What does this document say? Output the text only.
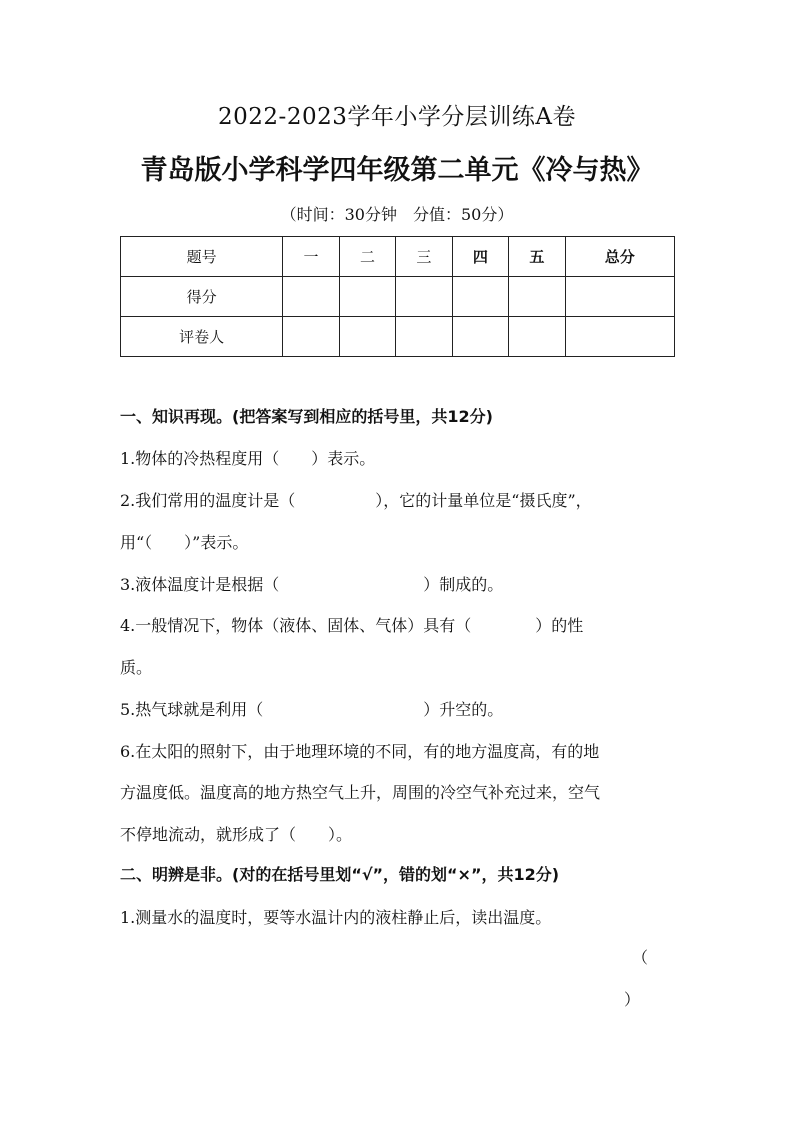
2022-2023学年小学分层训练A卷
青岛版小学科学四年级第二单元《冷与热》
（时间：30分钟　分值：50分）
题号	一	二	三	四	五	总分
得分						
评卷人						
一、知识再现。(把答案写到相应的括号里，共12分)
1.物体的冷热程度用（　　）表示。
2.我们常用的温度计是（　　　　　），它的计量单位是“摄氏度”，
用“（　　）”表示。
3.液体温度计是根据（　　　　　　　　　）制成的。
4.一般情况下，物体（液体、固体、气体）具有（　　　　）的性
质。
5.热气球就是利用（　　　　　　　　　　）升空的。
6.在太阳的照射下，由于地理环境的不同，有的地方温度高，有的地
方温度低。温度高的地方热空气上升，周围的冷空气补充过来，空气
不停地流动，就形成了（　　）。
二、明辨是非。(对的在括号里划“√”，错的划“×”，共12分)
1.测量水的温度时，要等水温计内的液柱静止后，读出温度。
（
）
